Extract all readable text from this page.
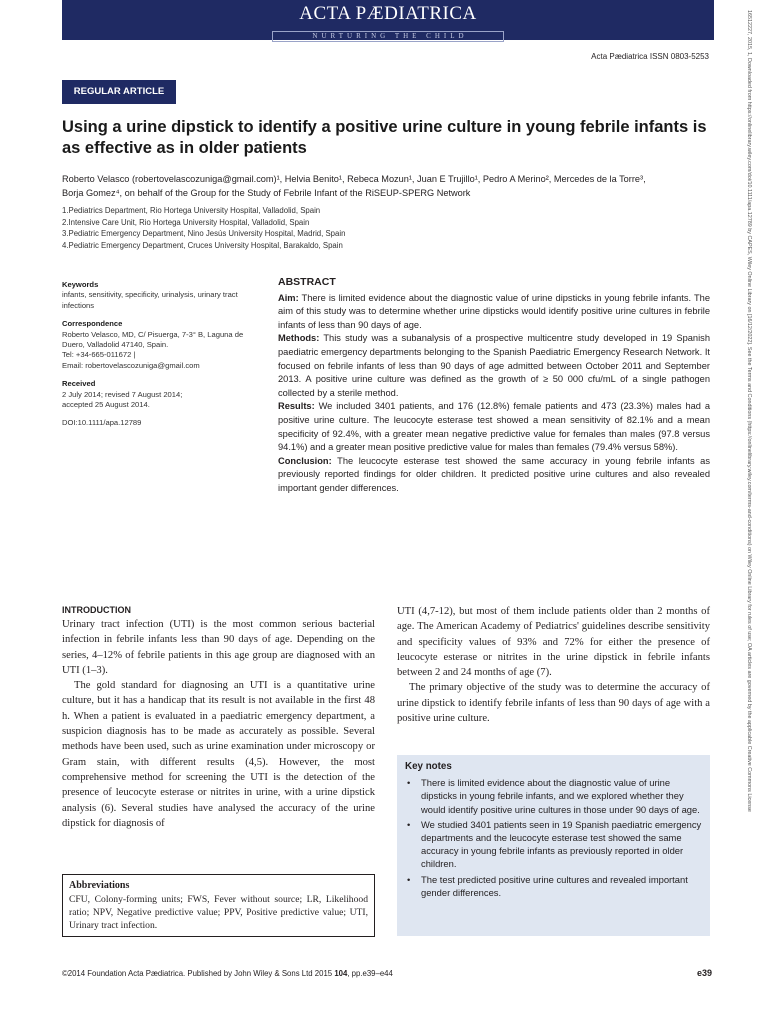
ACTA PÆDIATRICA
NURTURING THE CHILD
Acta Pædiatrica ISSN 0803-5253
REGULAR ARTICLE
Using a urine dipstick to identify a positive urine culture in young febrile infants is as effective as in older patients
Roberto Velasco (robertovelascozuniga@gmail.com)¹, Helvia Benito¹, Rebeca Mozun¹, Juan E Trujillo¹, Pedro A Merino², Mercedes de la Torre³,
Borja Gomez⁴, on behalf of the Group for the Study of Febrile Infant of the RiSEUP-SPERG Network
1.Pediatrics Department, Rio Hortega University Hospital, Valladolid, Spain
2.Intensive Care Unit, Rio Hortega University Hospital, Valladolid, Spain
3.Pediatric Emergency Department, Nino Jesús University Hospital, Madrid, Spain
4.Pediatric Emergency Department, Cruces University Hospital, Barakaldo, Spain
Keywords
infants, sensitivity, specificity, urinalysis, urinary tract infections
Correspondence
Roberto Velasco, MD, C/ Pisuerga, 7-3° B, Laguna de Duero, Valladolid 47140, Spain.
Tel: +34-665-011672 |
Email: robertovelascozuniga@gmail.com
Received
2 July 2014; revised 7 August 2014;
accepted 25 August 2014.
DOI:10.1111/apa.12789
ABSTRACT

Aim: There is limited evidence about the diagnostic value of urine dipsticks in young febrile infants. The aim of this study was to determine whether urine dipsticks would identify positive urine cultures in febrile infants of less than 90 days of age.

Methods: This study was a subanalysis of a prospective multicentre study developed in 19 Spanish paediatric emergency departments belonging to the Spanish Paediatric Emergency Research Network. It focused on febrile infants of less than 90 days of age admitted between October 2011 and September 2013. A positive urine culture was defined as the growth of ≥ 50 000 cfu/mL of a single pathogen collected by a sterile method.

Results: We included 3401 patients, and 176 (12.8%) female patients and 473 (23.3%) males had a positive urine culture. The leucocyte esterase test showed a mean sensitivity of 82.1% and a mean specificity of 92.4%, with a greater mean negative predictive value for females than males (97.8 versus 94.1%) and a greater mean positive predictive value for males than females (79.4% versus 58%).

Conclusion: The leucocyte esterase test showed the same accuracy in young febrile infants as previously reported findings for older children. It predicted positive urine cultures and also revealed important gender differences.

INTRODUCTION

Urinary tract infection (UTI) is the most common serious bacterial infection in febrile infants less than 90 days of age. Depending on the series, 4–12% of febrile patients in this age group are diagnosed with an UTI (1–3).

The gold standard for diagnosing an UTI is a quantitative urine culture, but it has a handicap that its result is not available in the first 48 h. When a patient is evaluated in a paediatric emergency department, a suspicion diagnosis has to be made as accurately as possible. Several methods have been used, such as urine examination under microscopy or Gram stain, with different results (4,5). However, the most comprehensive method for screening the UTI is the detection of the presence of leucocyte esterase or nitrites in urine, with a urine dipstick analysis (6). Several studies have analysed the accuracy of the urine dipstick for diagnosis of

UTI (4,7-12), but most of them include patients older than 2 months of age. The American Academy of Pediatrics' guidelines describe sensitivity and specificity values of 93% and 72% for either the presence of leucocyte esterase or nitrites in the urine dipstick in febrile infants between 2 and 24 months of age (7).

The primary objective of the study was to determine the accuracy of urine dipstick to identify febrile infants of less than 90 days of age with a positive urine culture.

Abbreviations
CFU, Colony-forming units; FWS, Fever without source; LR, Likelihood ratio; NPV, Negative predictive value; PPV, Positive predictive value; UTI, Urinary tract infection.
Key notes
• There is limited evidence about the diagnostic value of urine dipsticks in young febrile infants, and we explored whether they would identify positive urine cultures in those under 90 days of age.
• We studied 3401 patients seen in 19 Spanish paediatric emergency departments and the leucocyte esterase test showed the same accuracy in young febrile infants as previously reported in older children.
• The test predicted positive urine cultures and revealed important gender differences.
©2014 Foundation Acta Pædiatrica. Published by John Wiley & Sons Ltd 2015 104, pp.e39–e44	e39
16512227, 2015, 1, Downloaded from https://onlinelibrary.wiley.com/doi/10.1111/apa.12789 by CAPES, Wiley Online Library on [16/12/2022]. See the Terms and Conditions (https://onlinelibrary.wiley.com/terms-and-conditions) on Wiley Online Library for rules of use; OA articles are governed by the applicable Creative Commons License
